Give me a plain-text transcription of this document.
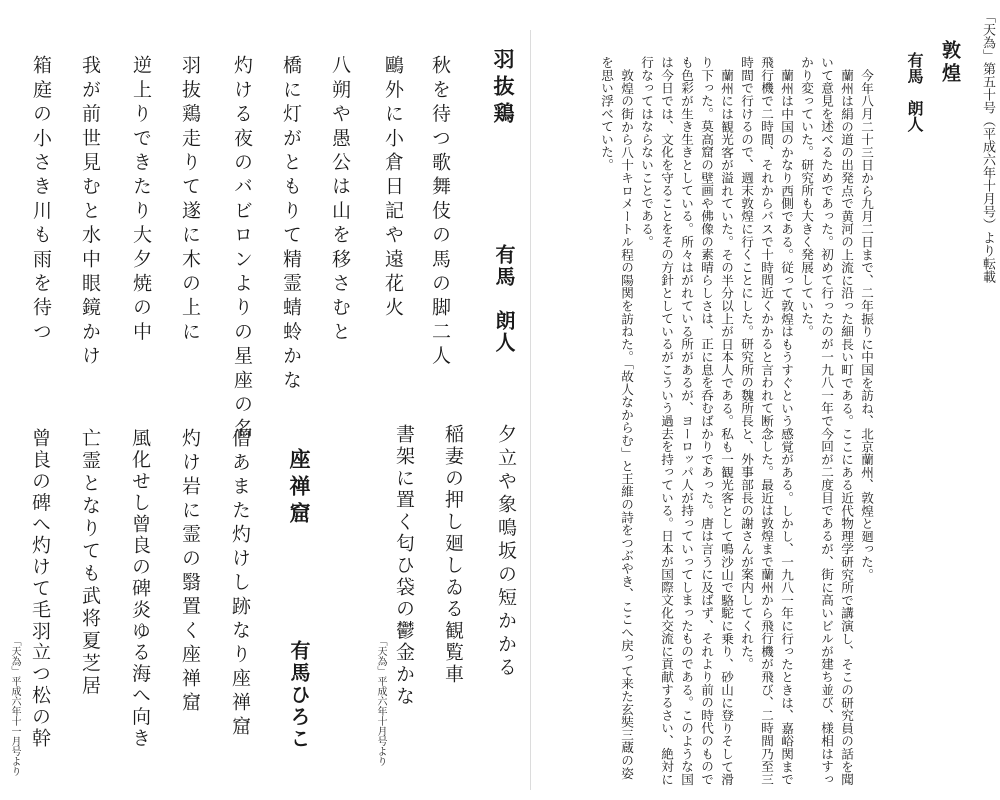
「天為」第五十号（平成六年十月号）より転載
敦煌
有馬　朗人

今年八月二十三日から九月二日まで、二年振りに中国を訪ね、北京蘭州、敦煌と廻った。

蘭州は絹の道の出発点で黄河の上流に沿った細長い町である。ここにある近代物理学研究所で講演し、そこの研究員の話を聞いて意見を述べるためであった。初めて行ったのが一九八一年で今回が二度目であるが、街に高いビルが建ち並び、様相はすっかり変っていた。研究所も大きく発展していた。

蘭州は中国のかなり西側である。従って敦煌はもうすぐという感覚がある。しかし、一九八一年に行ったときは、嘉峪関まで飛行機で二時間、それからバスで十時間近くかかると言われて断念した。最近は敦煌まで蘭州から飛行機が飛び、二時間乃至三時間で行けるので、週末敦煌に行くことにした。研究所の魏所長と、外事部長の謝さんが案内してくれた。

蘭州には観光客が溢れていた。その半分以上が日本人である。私も一観光客として鳴沙山で駱駝に乗り、砂山に登りそして滑り下った。莫高窟の壁画や佛像の素晴らしさは、正に息を呑むばかりであった。唐は言うに及ばず、それより前の時代のものでも色彩が生き生きとしている。所々はがれている所があるが、ヨーロッパ人が持っていってしまったものである。このような国は今日では、文化を守ることをその方針としているがこういう過去を持っている。日本が国際文化交流に貢献するさい、絶対に行なってはならないことである。

敦煌の街から八十キロメートル程の陽関を訪ねた。「故人なからむ」と王維の詩をつぶやき、ここへ戻って来た玄奘三蔵の姿を思い浮べていた。

羽抜鶏
有馬　朗人
秋を待つ歌舞伎の馬の脚二人
鷗外に小倉日記や遠花火
八朔や愚公は山を移さむと
橋に灯がともりて精霊蜻蛉かな
灼ける夜のバビロンよりの星座の名
羽抜鶏走りて遂に木の上に
逆上りできたり大夕焼の中
我が前世見むと水中眼鏡かけ
箱庭の小さき川も雨を待つ
夕立や象鳴坂の短かかる
稲妻の押し廻しゐる観覧車
書架に置く匂ひ袋の鬱金かな
「天為」平成六年十月号より
座禅窟
有馬ひろこ
僧あまた灼けし跡なり座禅窟
灼け岩に霊の翳置く座禅窟
風化せし曾良の碑炎ゆる海へ向き
亡霊となりても武将夏芝居
曾良の碑へ灼けて毛羽立つ松の幹
「天為」平成六年十一月号より
